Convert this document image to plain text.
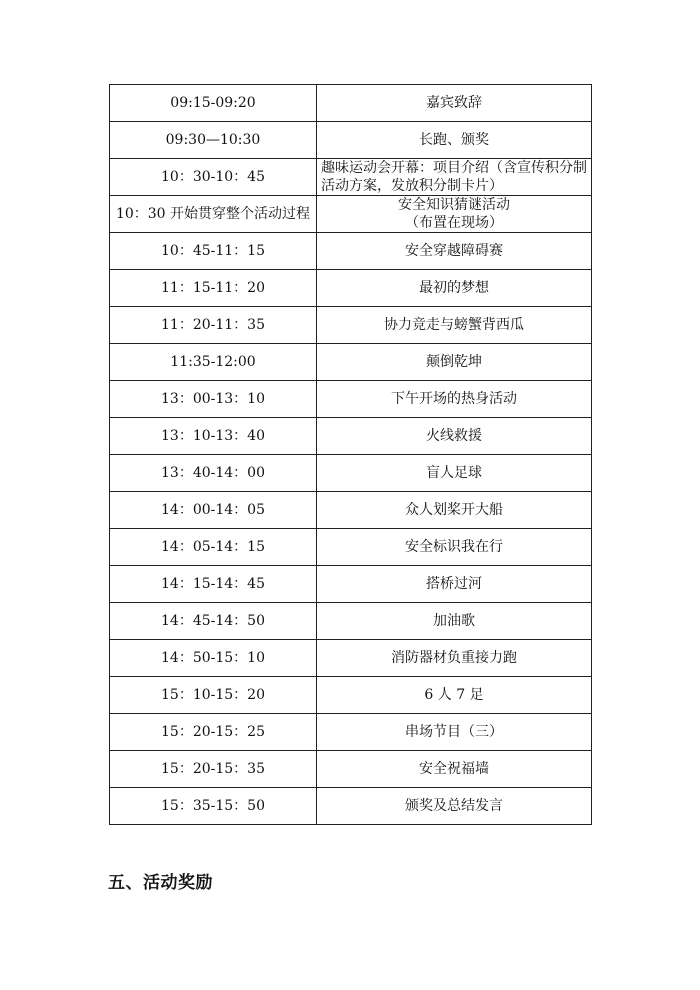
09:15-09:20	嘉宾致辞
09:30—10:30	长跑、颁奖
10：30-10：45	趣味运动会开幕：项目介绍（含宣传积分制
活动方案，发放积分制卡片）
10：30 开始贯穿整个活动过程	安全知识猜谜活动
（布置在现场）
10：45-11：15	安全穿越障碍赛
11：15-11：20	最初的梦想
11：20-11：35	协力竞走与螃蟹背西瓜
11:35-12:00	颠倒乾坤
13：00-13：10	下午开场的热身活动
13：10-13：40	火线救援
13：40-14：00	盲人足球
14：00-14：05	众人划桨开大船
14：05-14：15	安全标识我在行
14：15-14：45	搭桥过河
14：45-14：50	加油歌
14：50-15：10	消防器材负重接力跑
15：10-15：20	6 人 7 足
15：20-15：25	串场节目（三）
15：20-15：35	安全祝福墙
15：35-15：50	颁奖及总结发言
五、活动奖励
